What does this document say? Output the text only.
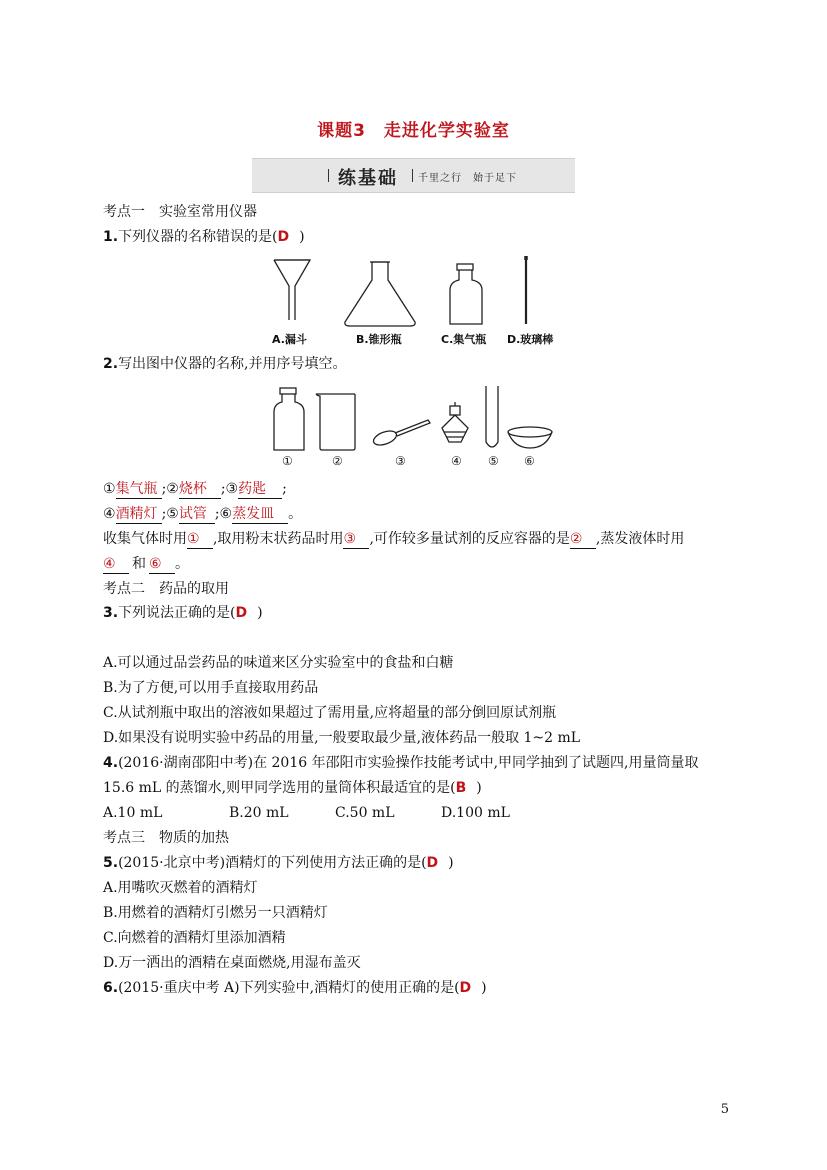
课题3　走进化学实验室
练基础 千里之行　始于足下
考点一　实验室常用仪器
1.下列仪器的名称错误的是(D )
A.漏斗	B.锥形瓶	C.集气瓶 D.玻璃棒
2.写出图中仪器的名称,并用序号填空。
①	②	③	④ ⑤ ⑥
①集气瓶 ;②烧杯 ;③药匙 ;
④酒精灯 ;⑤试管 ;⑥蒸发皿 。
收集气体时用① ,取用粉末状药品时用③ ,可作较多量试剂的反应容器的是② ,蒸发液体时用
④ 和 ⑥ 。
考点二　药品的取用
3.下列说法正确的是(D )
A.可以通过品尝药品的味道来区分实验室中的食盐和白糖
B.为了方便,可以用手直接取用药品
C.从试剂瓶中取出的溶液如果超过了需用量,应将超量的部分倒回原试剂瓶
D.如果没有说明实验中药品的用量,一般要取最少量,液体药品一般取 1~2 mL
4.(2016·湖南邵阳中考)在 2016 年邵阳市实验操作技能考试中,甲同学抽到了试题四,用量筒量取
15.6 mL 的蒸馏水,则甲同学选用的量筒体积最适宜的是(B )
A.10 mL	B.20 mL	C.50 mL	D.100 mL
考点三　物质的加热
5.(2015·北京中考)酒精灯的下列使用方法正确的是(D )
A.用嘴吹灭燃着的酒精灯
B.用燃着的酒精灯引燃另一只酒精灯
C.向燃着的酒精灯里添加酒精
D.万一洒出的酒精在桌面燃烧,用湿布盖灭
6.(2015·重庆中考 A)下列实验中,酒精灯的使用正确的是(D )
5
